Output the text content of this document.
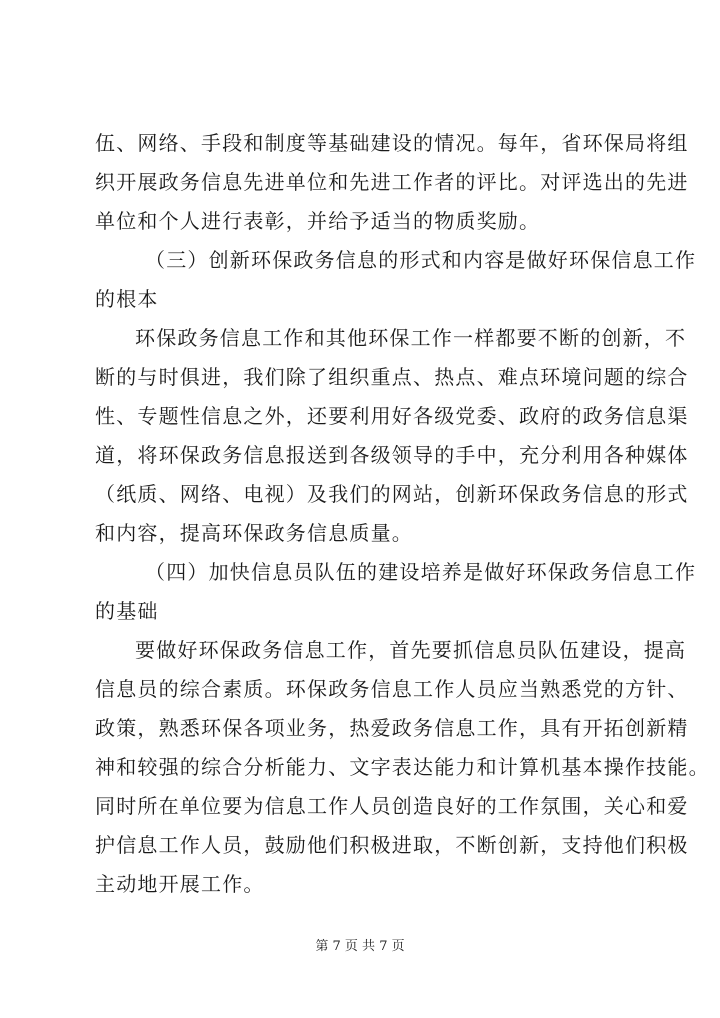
伍、网络、手段和制度等基础建设的情况。每年，省环保局将组
织开展政务信息先进单位和先进工作者的评比。对评选出的先进
单位和个人进行表彰，并给予适当的物质奖励。
（三）创新环保政务信息的形式和内容是做好环保信息工作
的根本
环保政务信息工作和其他环保工作一样都要不断的创新，不
断的与时俱进，我们除了组织重点、热点、难点环境问题的综合
性、专题性信息之外，还要利用好各级党委、政府的政务信息渠
道，将环保政务信息报送到各级领导的手中，充分利用各种媒体
（纸质、网络、电视）及我们的网站，创新环保政务信息的形式
和内容，提高环保政务信息质量。
（四）加快信息员队伍的建设培养是做好环保政务信息工作
的基础
要做好环保政务信息工作，首先要抓信息员队伍建设，提高
信息员的综合素质。环保政务信息工作人员应当熟悉党的方针、
政策，熟悉环保各项业务，热爱政务信息工作，具有开拓创新精
神和较强的综合分析能力、文字表达能力和计算机基本操作技能。
同时所在单位要为信息工作人员创造良好的工作氛围，关心和爱
护信息工作人员，鼓励他们积极进取，不断创新，支持他们积极
主动地开展工作。
第 7 页 共 7 页
